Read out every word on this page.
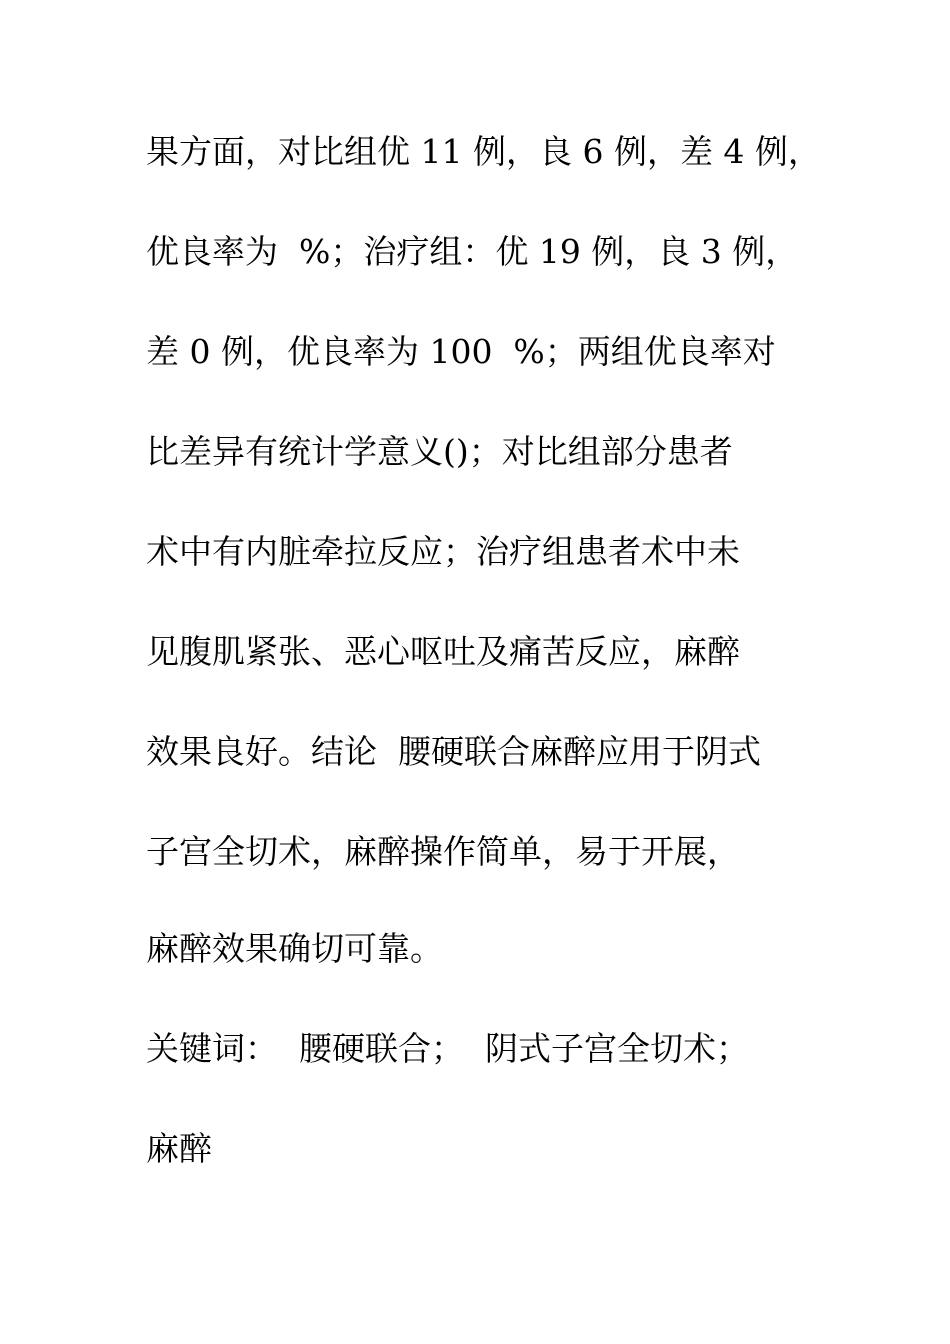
果方面，对比组优 11 例，良 6 例，差 4 例，
优良率为  %；治疗组：优 19 例，良 3 例，
差 0 例，优良率为 100  %；两组优良率对
比差异有统计学意义()；对比组部分患者
术中有内脏牵拉反应；治疗组患者术中未
见腹肌紧张、恶心呕吐及痛苦反应，麻醉
效果良好。结论  腰硬联合麻醉应用于阴式
子宫全切术，麻醉操作简单，易于开展，
麻醉效果确切可靠。
关键词：  腰硬联合；  阴式子宫全切术；
麻醉
